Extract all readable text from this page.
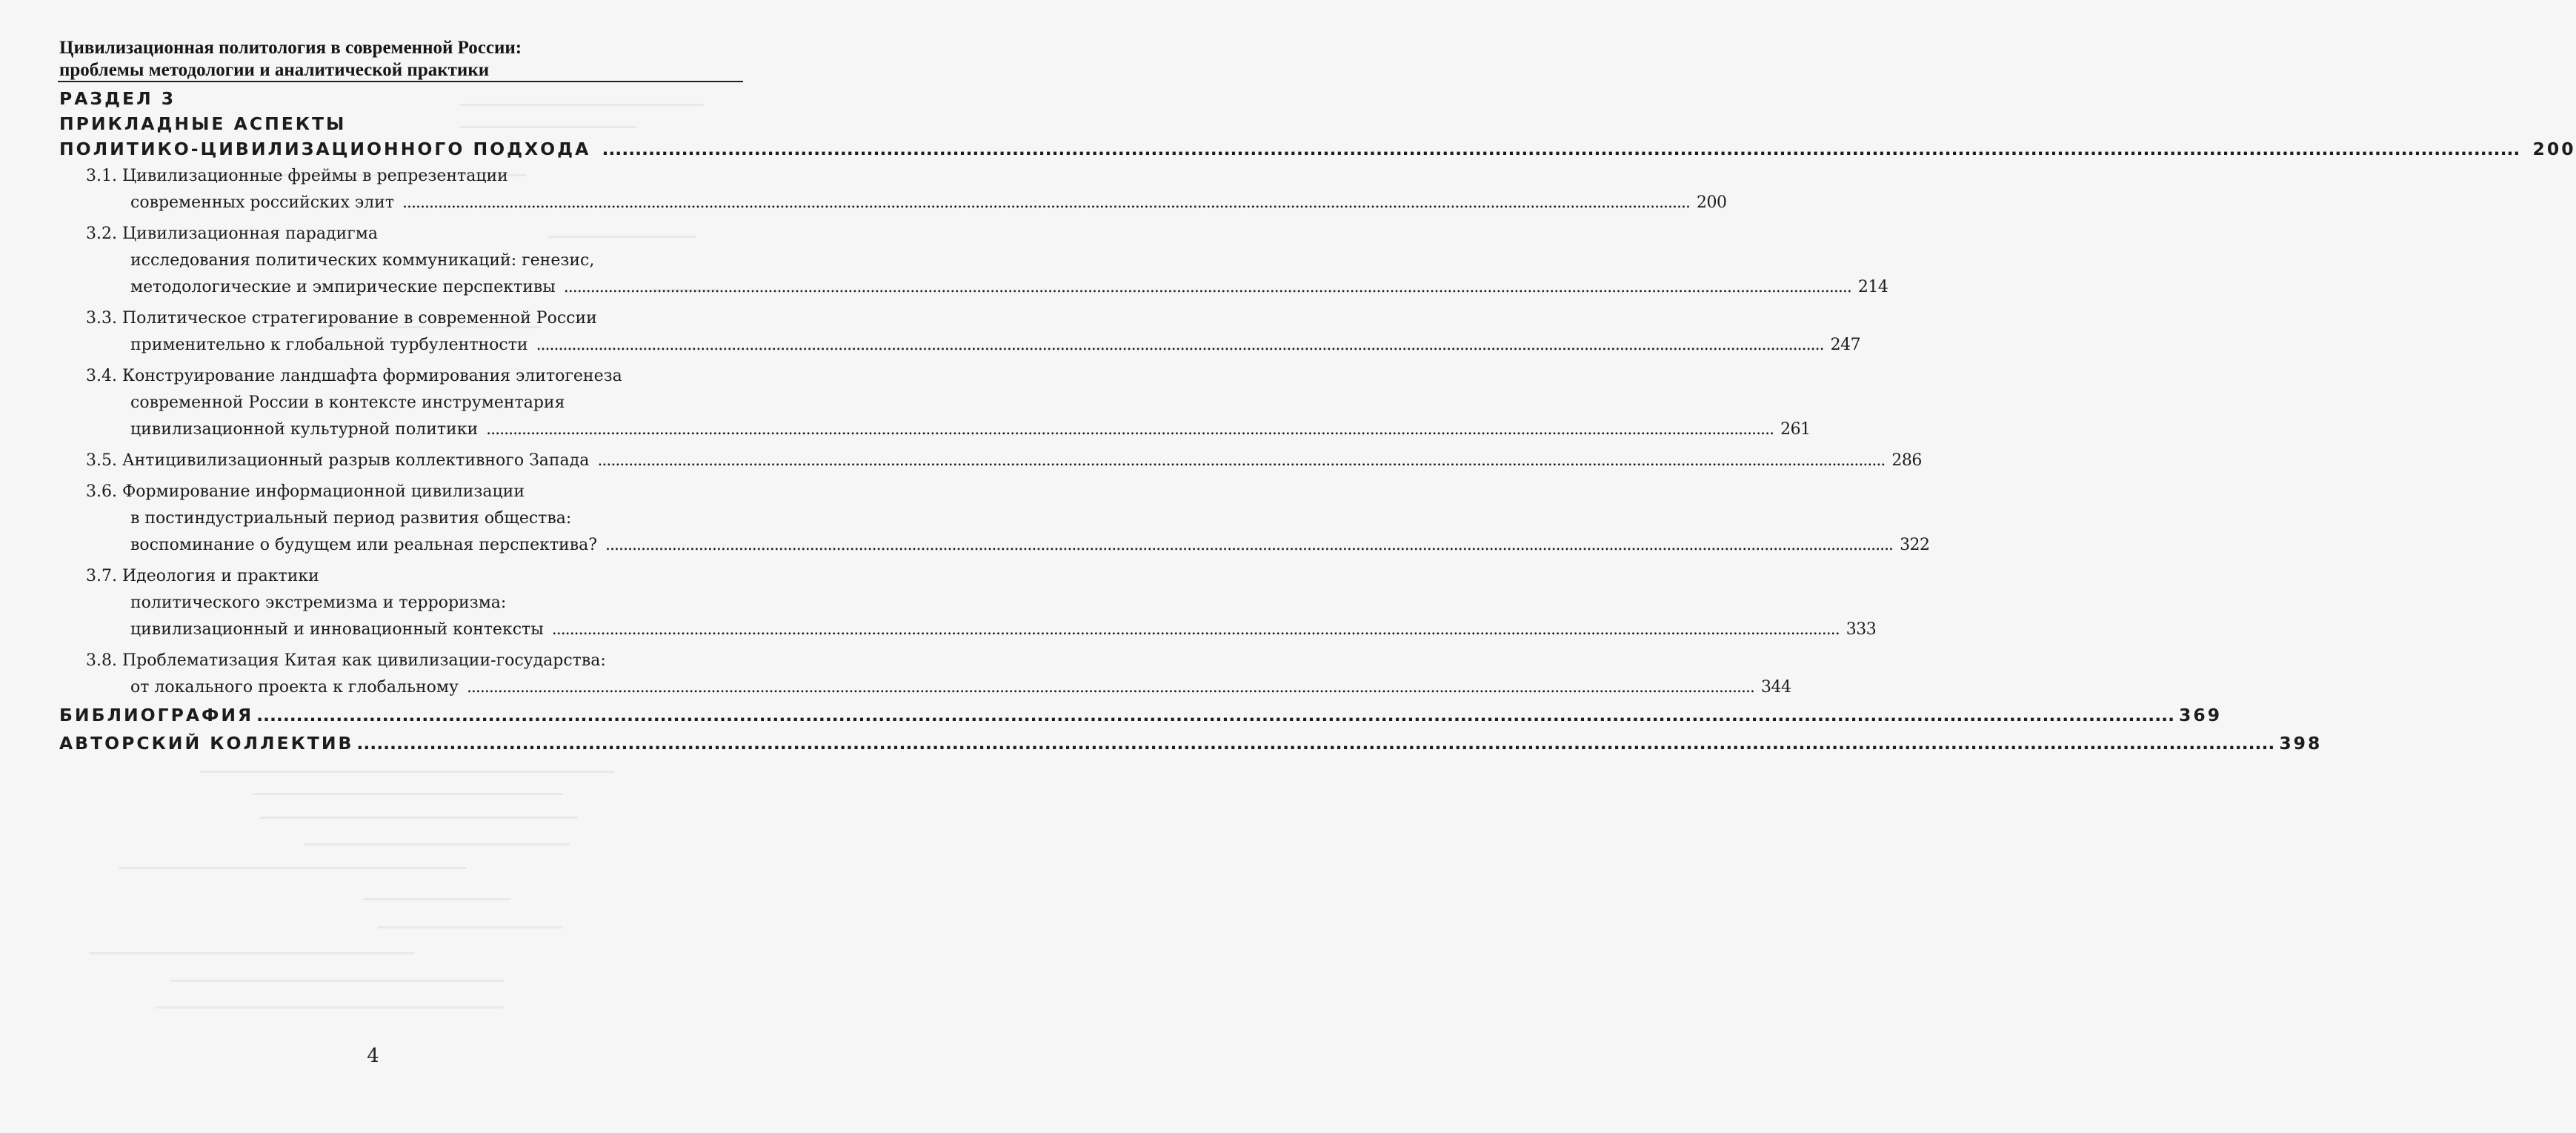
Цивилизационная политология в современной России:
проблемы методологии и аналитической практики
РАЗДЕЛ 3
ПРИКЛАДНЫЕ АСПЕКТЫ
ПОЛИТИКО-ЦИВИЛИЗАЦИОННОГО ПОДХОДА .....	200
3.1. Цивилизационные фреймы в репрезентации
современных российских элит .....	200
3.2. Цивилизационная парадигма
исследования политических коммуникаций: генезис,
методологические и эмпирические перспективы .....	214
3.3. Политическое стратегирование в современной России
применительно к глобальной турбулентности .....	247
3.4. Конструирование ландшафта формирования элитогенеза
современной России в контексте инструментария
цивилизационной культурной политики .....	261
3.5. Антицивилизационный разрыв коллективного Запада .....	286
3.6. Формирование информационной цивилизации
в постиндустриальный период развития общества:
воспоминание о будущем или реальная перспектива? .....	322
3.7. Идеология и практики
политического экстремизма и терроризма:
цивилизационный и инновационный контексты .....	333
3.8. Проблематизация Китая как цивилизации-государства:
от локального проекта к глобальному .....	344
БИБЛИОГРАФИЯ .....	369
АВТОРСКИЙ КОЛЛЕКТИВ .....	398
4
